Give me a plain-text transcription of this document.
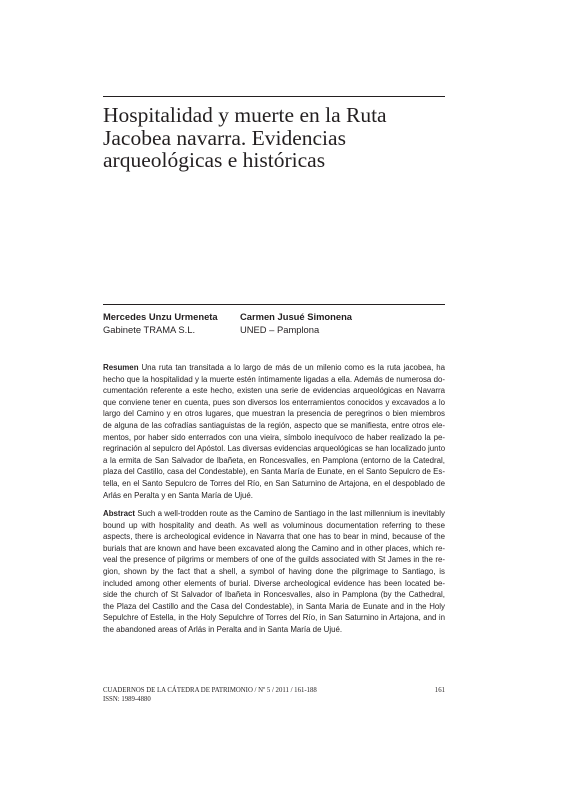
Hospitalidad y muerte en la Ruta
Jacobea navarra. Evidencias
arqueológicas e históricas
Mercedes Unzu Urmeneta
Gabinete TRAMA S.L.
Carmen Jusué Simonena
UNED – Pamplona
Resumen Una ruta tan transitada a lo largo de más de un milenio como es la ruta jacobea, ha
hecho que la hospitalidad y la muerte estén íntimamente ligadas a ella. Además de numerosa do-
cumentación referente a este hecho, existen una serie de evidencias arqueológicas en Navarra
que conviene tener en cuenta, pues son diversos los enterramientos conocidos y excavados a lo
largo del Camino y en otros lugares, que muestran la presencia de peregrinos o bien miembros
de alguna de las cofradías santiaguistas de la región, aspecto que se manifiesta, entre otros ele-
mentos, por haber sido enterrados con una vieira, símbolo inequívoco de haber realizado la pe-
regrinación al sepulcro del Apóstol. Las diversas evidencias arqueológicas se han localizado junto
a la ermita de San Salvador de Ibañeta, en Roncesvalles, en Pamplona (entorno de la Catedral,
plaza del Castillo, casa del Condestable), en Santa María de Eunate, en el Santo Sepulcro de Es-
tella, en el Santo Sepulcro de Torres del Río, en San Saturnino de Artajona, en el despoblado de
Arlás en Peralta y en Santa María de Ujué.
Abstract Such a well-trodden route as the Camino de Santiago in the last millennium is inevitably
bound up with hospitality and death. As well as voluminous documentation referring to these
aspects, there is archeological evidence in Navarra that one has to bear in mind, because of the
burials that are known and have been excavated along the Camino and in other places, which re-
veal the presence of pilgrims or members of one of the guilds associated with St James in the re-
gion, shown by the fact that a shell, a symbol of having done the pilgrimage to Santiago, is
included among other elements of burial. Diverse archeological evidence has been located be-
side the church of St Salvador of Ibañeta in Roncesvalles, also in Pamplona (by the Cathedral,
the Plaza del Castillo and the Casa del Condestable), in Santa Maria de Eunate and in the Holy
Sepulchre of Estella, in the Holy Sepulchre of Torres del Río, in San Saturnino in Artajona, and in
the abandoned areas of Arlás in Peralta and in Santa María de Ujué.
CUADERNOS DE LA CÁTEDRA DE PATRIMONIO / Nº 5 / 2011 / 161-188
ISSN: 1989-4880
161
